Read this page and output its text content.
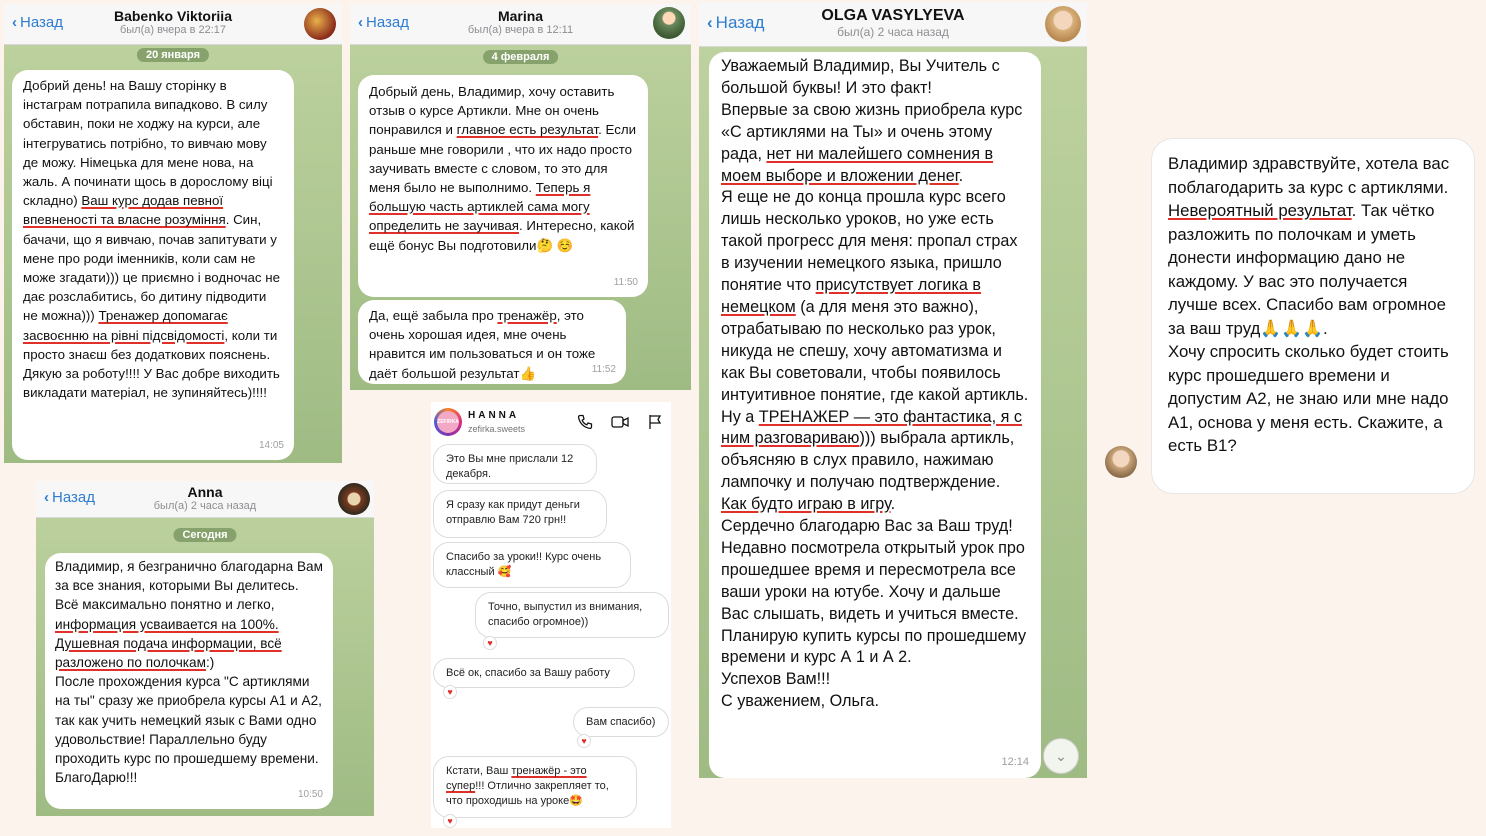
‹ Назад	Babenko Viktoriia
был(а) вчера в 22:17
20 января
Добрий день! на Вашу сторінку в інстаграм потрапила випадково. В силу обставин, поки не ходжу на курси, але інтегруватись потрібно, то вивчаю мову де можу. Німецька для мене нова, на жаль. А починати щось в дорослому віці складно) Ваш курс додав певної впевненості та власне розуміння. Син, бачачи, що я вивчаю, почав запитувати у мене про роди іменників, коли сам не може згадати))) це приємно і водночас не дає розслабитись, бо дитину підводити не можна))) Тренажер допомагає засвоєнню на рівні підсвідомості, коли ти просто знаєш без додаткових пояснень. Дякую за роботу!!!! У Вас добре виходить викладати матеріал, не зупиняйтесь)!!!!
14:05
‹ Назад	Marina
был(а) вчера в 12:11
4 февраля
Добрый день, Владимир, хочу оставить отзыв о курсе Артикли. Мне он очень понравился и главное есть результат. Если раньше мне говорили , что их надо просто заучивать вместе с словом, то это для меня было не выполнимо. Теперь я большую часть артиклей сама могу определить не заучивая. Интересно, какой ещё бонус Вы подготовили🤔 ☺️
11:50
Да, ещё забыла про тренажёр, это очень хорошая идея, мне очень нравится им пользоваться и он тоже даёт большой результат👍	11:52
‹ Назад	OLGA VASYLYEVA
был(а) 2 часа назад
Уважаемый Владимир, Вы Учитель с большой буквы! И это факт!
Впервые за свою жизнь приобрела курс «С артиклями на Ты» и очень этому рада, нет ни малейшего сомнения в моем выборе и вложении денег.
Я еще не до конца прошла курс всего лишь несколько уроков, но уже есть такой прогресс для меня: пропал страх в изучении немецкого языка, пришло понятие что присутствует логика в немецком (а для меня это важно), отрабатываю по несколько раз урок, никуда не спешу, хочу автоматизма и как Вы советовали, чтобы появилось интуитивное понятие, где какой артикль. Ну а ТРЕНАЖЕР — это фантастика, я с ним разговариваю))) выбрала артикль, объясняю в слух правило, нажимаю лампочку и получаю подтверждение.
Как будто играю в игру.
Сердечно благодарю Вас за Ваш труд! Недавно посмотрела открытый урок про прошедшее время и пересмотрела все ваши уроки на ютубе. Хочу и дальше Вас слышать, видеть и учиться вместе. Планирую купить курсы по прошедшему времени и курс А 1 и А 2.
Успехов Вам!!!
С уважением, Ольга.
12:14	⌄
Владимир здравствуйте, хотела вас поблагодарить за курс с артиклями. Невероятный результат. Так чётко разложить по полочкам и уметь донести информацию дано не каждому. У вас это получается лучше всех. Спасибо вам огромное за ваш труд🙏🙏🙏.
Хочу спросить сколько будет стоить курс прошедшего времени и допустим А2, не знаю или мне надо А1, основа у меня есть. Скажите, а есть В1?
‹ Назад	Anna
был(а) 2 часа назад
Сегодня
Владимир, я безгранично благодарна Вам за все знания, которыми Вы делитесь. Всё максимально понятно и легко, информация усваивается на 100%. Душевная подача информации, всё разложено по полочкам:)
После прохождения курса "С артиклями на ты" сразу же приобрела курсы А1 и А2, так как учить немецкий язык с Вами одно удовольствие! Параллельно буду проходить курс по прошедшему времени. БлагоДарю!!!
10:50
ZEFIRKA
HANNA
zefirka.sweets
Это Вы мне прислали 12 декабря.
Я сразу как придут деньги отправлю Вам 720 грн!!
Спасибо за уроки!! Курс очень классный 🥰
Точно, выпустил из внимания, спасибо огромное))
♥
Всё ок, спасибо за Вашу работу
♥
Вам спасибо)
♥
Кстати, Ваш тренажёр - это супер!!! Отлично закрепляет то, что проходишь на уроке🤩
♥
